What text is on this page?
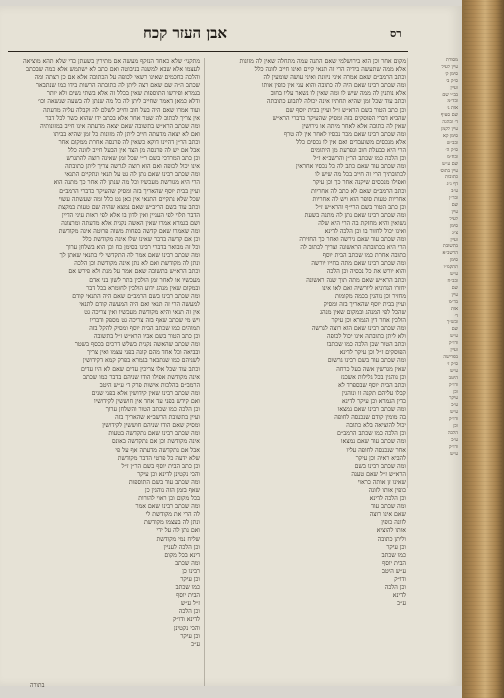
אבן העזר קכח	רס
מתקני׳ שלא כאחד הנזקף מעשה אם מתירין בשעתן כדי שלא תהא מוציאה
לעצמו אלא שבא למשנה בניבוטה ואם כתב לא ישתמש אלא כמה שבכתב
והלכה כחכמים שאינו רשאי לכופה על הכתובה אלא אם כן רצתה ומה
שכתב ה״ה שם שאם רצה ליתן לה כתובתה הרשות בידו כמו שנתבאר
בגמרא ופירשו התוספות שאין בכלל זה אלא בשתי נשים ולא יותר
ודלא כמאן דאמר שחייב ליתן לה כל מה שנתן לה בשעה שנשאה וכו׳
ועוד אמרו שאם היה בעל חוב וחייב לשלם לה וקבלה עליה מדעתה
אין צריך לכתוב לה שטר אחר אלא בכתב ידו שהוא כשר לכל דבר
ומה שכתב הרא״ש בתשובה שאם יצאה מדעתה אינו חייב במזונותיה
ואם לא יצאה מדעתה חייב ליתן לה מזונות כל זמן שהיא בביתו
וכתב הר״ן דהיינו דוקא כשאין לה פרנסה אחרת ממקום אחר
אבל אם יש לה פרנסה מן הצד אין הבעל חייב לזונה כלל
וכן כתב המרדכי בשם ר״י שכל זמן שאינה רוצה להתגרש
אינו יכול לכופה ואם הוא רוצה לגרשה צריך ליתן כתובתה
ומה שכתב רבינו שאם נתן לה גט על תנאי ונתקיים התנאי
הרי היא מגורשת מעכשיו וכל מה שנתן לה אחר כך מתנה הוא
ועיין בבית יוסף שהאריך בזה ומסיק שהעיקר כדברי הרמב״ם
שכל שלא נתקיים התנאי אין כאן גט כלל ומה שעשתה עשוי
וכתב עוד בשם הריב״ש שאם נמצא שהיה שם טעות במקצת
הדבר תלוי לפי העניין ואין לדון בו אלא לפי ראות עיני הדיין
ושם בגמרא אמרו שאין האשה נקנית אלא מדעתה ומרצונה
ומה שאמרו שאם קדשה בפחות משוה פרוטה אינה מקודשת
וכן אם קדשה בדבר שאינו שלו אינה מקודשת כלל
וכל זה מבואר בדברי רבינו בסימן כח וכן הוא בשלחן ערוך
ומה שכתב רבינו שאם אמר לה התקדשי לי בתנאי שאתן לך
ונתן לה מקודשת ואם לא נתן אינה מקודשת וכן הלכה
וכתב הרא״ש בתשובה שאם אמר על מנת ולא פירש אם
מעכשיו או לאחר זמן הולכין בתר לשון בני אדם
ובמקום שאין מנהג ידוע הולכין לחומרא בכל דבר
ומה שכתב רבינו בשם הרמב״ם שאם היה התנאי קודם
למעשה הרי זה תנאי ואם היה המעשה קודם לתנאי
אין זה תנאי והיא מקודשת מעכשיו ואין צריכה גט
ויש מי שכתב שאף בזה צריכה גט מספק ודבריו
תמוהים כמו שכתב הבית יוסף ומסיק להקל בזה
וכן כתב הטור בשם אביו הרא״ש ז״ל בתשובה
ומה שכתב שהאשה נקנית בשלש דרכים בכסף בשטר
ובביאה וכל אחד מהם קונה בפני עצמו ואין צריך
לשניהם כמו שנתבאר בגמרא בפרק קמא דקידושין
וכתב עוד שכל אלו צריכין עדים שאם לא היו עדים
אינה מקודשת אפילו הודו שניהם בדבר כמו שכתב
הרמב״ם בהלכות אישות פרק ד׳ ע״ש היטב
ומה שכתב רבינו שאין קידושין אלא בפני שנים
ואם קידש בפני עד אחד אין חוששין לקידושיו
וכן הלכה כמו שכתב הטור והשלחן ערוך
ועיין בתשובת הרשב״א שהאריך בזה
ומסיק שאם הודו שניהם חוששין לקידושין
ומה שכתב רבינו שאם נתקדשה בטעות
אינה מקודשת וכן אם נתקדשה באונס
אבל אם נתקדשה מדעתה אף על פי
שלא ידעה כל פרטי הדבר מקודשת
וכן כתב הבית יוסף בשם הר״ן ז״ל
והכי נקטינן לדינא וכן עיקר
ומה שכתב עוד בשם התוספות
שאף בזמן הזה נוהגין כן
בכל מקום וכן ראוי להורות
ומה שכתב רבינו שאם אמר
לה הרי את מקודשת לי
ונתן לה בעצמו מקודשת
ואם נתן לה על ידי
שליח נמי מקודשת
וכן הלכה לעניין
דינא בכל מקום
ומה שכתב
רבינו כן
וכן עיקר
כמו שכתב
הבית יוסף
ז״ל ע״ש
וכן הלכה
לדינא ודו״ק
והכי נקטינן
וכן עיקר
ע״כ
מקום אחר וכן הוא בירושלמי שאם התנה עמה מתחלה שאין לה מזונות
אלא ממה שתעשה בידיה הרי זה תנאי קיים ואינו חייב לזונה כלל
וכתב הרמב״ם שאם אמרה איני ניזונת ואיני עושה שומעין לה
ומה שכתב רבינו שאם היה לה כתובה והוא עני אין כופין אותו
אלא נותנין לה ממה שיש לו ומה שאין לו נשאר עליו בחוב
וכתב עוד שכל זמן שהיא תחתיו אינה יכולה לתבוע כתובתה
וכן כתב הטור בשם הרא״ש ז״ל ועיין בבית יוסף שם
שהביא דברי הפוסקים בזה ומסיק שהעיקר כדברי הרא״ש
שאין לה כתובה אלא לאחר מיתה או גירושין
ומה שכתב רבינו שאם מכר נכסיו לאחר אין לה טרף
אלא מנכסים משועבדים ואם אין לו נכסים כלל
הרי היא כבעלת חוב ונפרעת מן היתומים
וכן הלכה כמו שכתב הר״ן והרשב״א ז״ל
ומה שכתב עוד שאם כתב לה כל נכסיו אחראין
לכתובתיך הרי זה חייב בכל מה שיש לו
ואפילו מנכסים שיקנה אחר כך וכן עיקר
וכתב הרמב״ם שאם לא כתב לה אחריות
אחריות טעות סופר הוא ויש לה אחריות
וכן כתב הטור בשם הרי״ף והרא״ש ז״ל
ומה שכתב רבינו שאם נתן לה מתנה בשעת
נשואין והיא מחזקת בה הרי היא שלה
ואינו יכול לחזור בו וכן הלכה לדינא
ומה שכתב עוד שאם גירשה ואחר כך החזירה
הרי היא בכתובתה הראשונה וצריך לכתוב לה
כתובה אחרת כמו שכתב הבית יוסף
ומה שכתב רבינו שאם מתה בחייו יורשה
והוא יורש את כל נכסיה וכן הלכה
וכתב הרא״ש שאם מתה תוך שנה ראשונה
יחזרו הנדוניא ליורשיה ואם לאו אינו
מחזיר וכן נוהגין בכמה מקומות
ועיין בבית יוסף שהאריך בזה ומסיק
שהכל לפי המנהג ובמקום שאין מנהג
הולכין אחר דין הגמרא וכן עיקר
ומה שכתב רבינו שאם הוא רוצה לגרשה
ולא ליתן כתובתה אינו יכול לכופה
וכתב הטור שכן הלכה כמו שכתבו
הפוסקים ז״ל וכן עיקר לדינא
ומה שכתב עוד בשם רבינו גרשום
שאין מגרשין אשה בעל כרחה
וכן נוהגין בכל גלילות אשכנז
וכתב הבית יוסף שבספרד לא
קבלו עליהם תקנה זו ונוהגין
כדין הגמרא וכן עיקר לדינא
ומה שכתב רבינו שאם נמצאו
בה מומין קודם שנכנסה לחופה
יכול להוציאה בלא כתובה
וכן הלכה כמו שכתב הרמב״ם
ומה שכתב עוד שאם נמצאו
אחר שנכנסה לחופה עליו
להביא ראיה וכן עיקר
ומה שכתב רבינו בשם
הרא״ש ז״ל שאם טענה
שאינו זן אותה כראוי
כופין אותו לזונה
וכן הלכה לדינא
ומה שכתב עוד
שאם אינו רוצה
לזונה כופין
אותו להוציא
וליתן כתובה
וכן עיקר
כמו שכתב
הבית יוסף
ע״ש היטב
ודו״ק
וכן הלכה
לדינא
ע״כ
מסורת
עיין לעיל
סימן ק׳
ס״ק ב׳
ועיין
בב״י שם
ובד״מ
אות ג׳
שם סעיף
ד׳ ובהגה
עיין לקמן
סימן קא
ובב״ש
ס״ק ה׳
ובח״מ
שם ע״ש
עיין בתוס׳
כתובות
דף נ״ג
ע״ב
ובר״ן
שם
עיין
לעיל
סימן
צ״ג
ועיין
בתשובת
הרשב״א
סימן
תתקמ״ו
ע״ש
ובב״ח
שם
עיין
בד״מ
אות
ד׳
ובש״ך
שם
ע״ש
ודו״ק
ועיין
בפרישה
ס״ק ז׳
ע״ש
היטב
ודו״ק
וכן
עיקר
ע״כ
ע״ש
ודו״ק
וכן
הלכה
ע״כ
ודו״ק
ע״ש
בתורה
